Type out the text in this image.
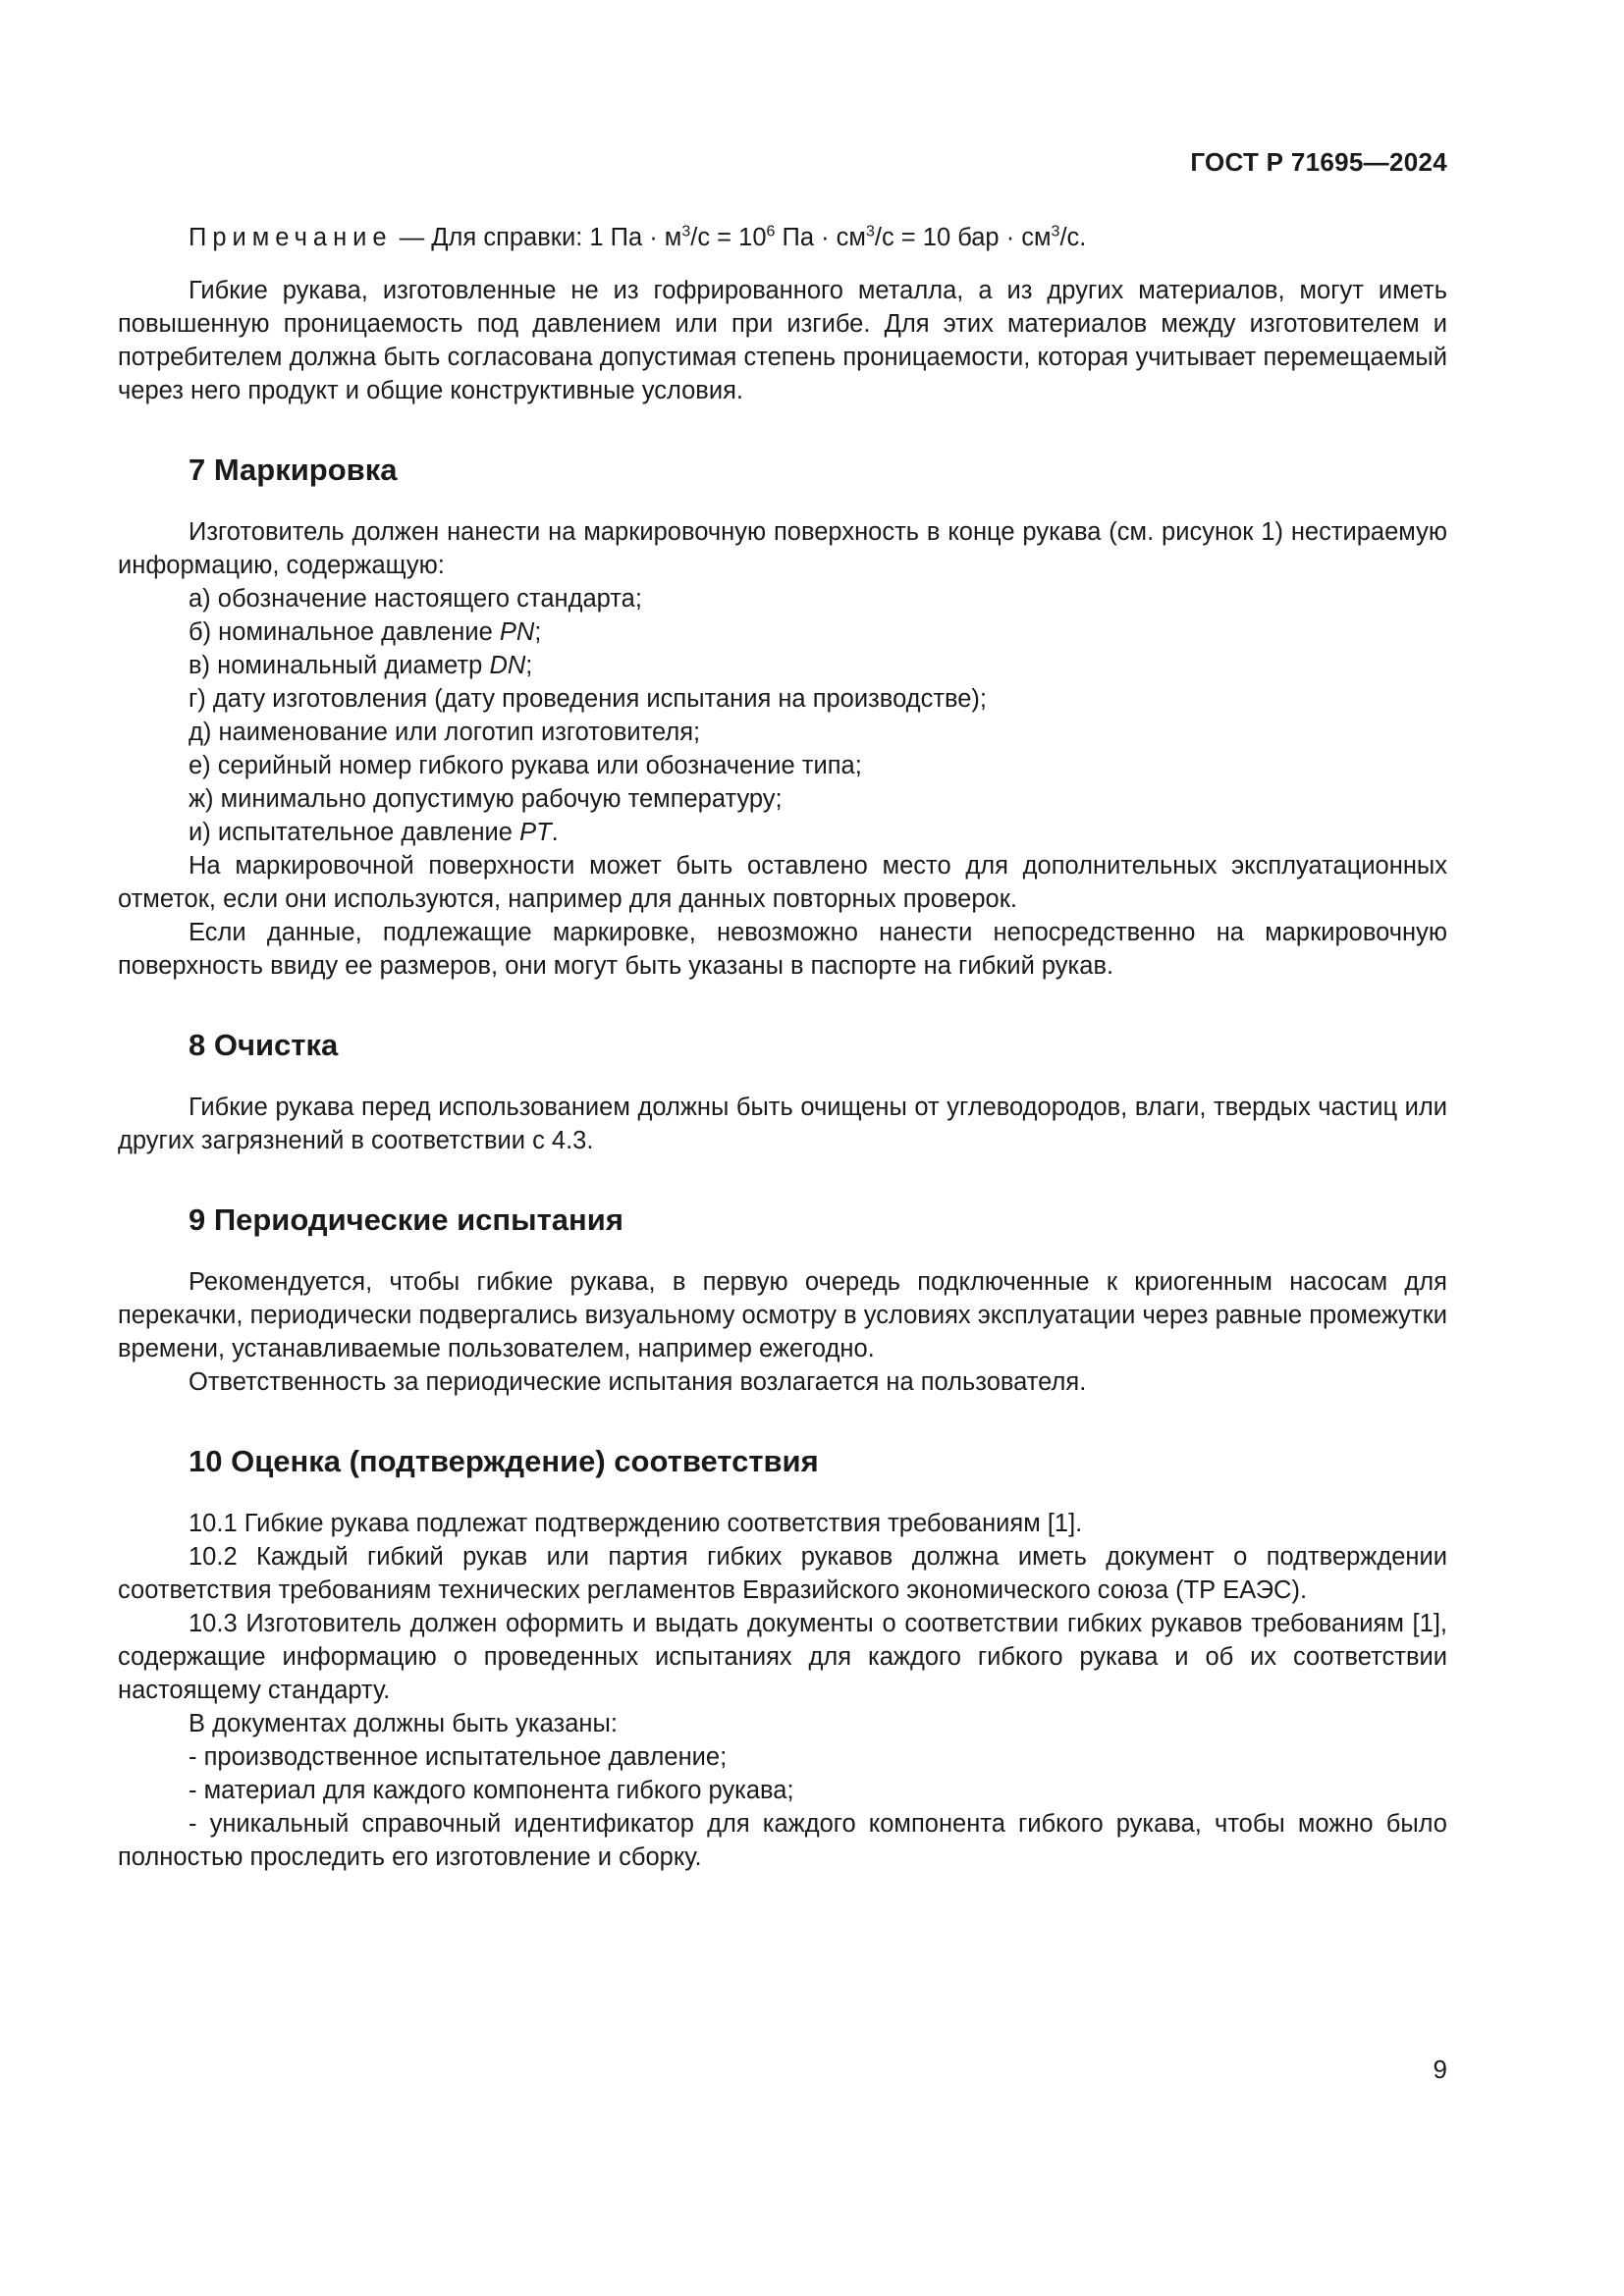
ГОСТ Р 71695—2024

Примечание — Для справки: 1 Па · $м^3/с = 10^6$ Па · $см^3/с = 10$ бар · $см^3/с$.

Гибкие рукава, изготовленные не из гофрированного металла, а из других материалов, могут иметь повышенную проницаемость под давлением или при изгибе. Для этих материалов между изготовителем и потребителем должна быть согласована допустимая степень проницаемости, которая учитывает перемещаемый через него продукт и общие конструктивные условия.

7 Маркировка

Изготовитель должен нанести на маркировочную поверхность в конце рукава (см. рисунок 1) нестираемую информацию, содержащую:

а) обозначение настоящего стандарта;
б) номинальное давление PN;
в) номинальный диаметр DN;
г) дату изготовления (дату проведения испытания на производстве);
д) наименование или логотип изготовителя;
е) серийный номер гибкого рукава или обозначение типа;
ж) минимально допустимую рабочую температуру;
и) испытательное давление PT.

На маркировочной поверхности может быть оставлено место для дополнительных эксплуатационных отметок, если они используются, например для данных повторных проверок.

Если данные, подлежащие маркировке, невозможно нанести непосредственно на маркировочную поверхность ввиду ее размеров, они могут быть указаны в паспорте на гибкий рукав.

8 Очистка

Гибкие рукава перед использованием должны быть очищены от углеводородов, влаги, твердых частиц или других загрязнений в соответствии с 4.3.

9 Периодические испытания

Рекомендуется, чтобы гибкие рукава, в первую очередь подключенные к криогенным насосам для перекачки, периодически подвергались визуальному осмотру в условиях эксплуатации через равные промежутки времени, устанавливаемые пользователем, например ежегодно.

Ответственность за периодические испытания возлагается на пользователя.

10 Оценка (подтверждение) соответствия

10.1 Гибкие рукава подлежат подтверждению соответствия требованиям [1].

10.2 Каждый гибкий рукав или партия гибких рукавов должна иметь документ о подтверждении соответствия требованиям технических регламентов Евразийского экономического союза (ТР ЕАЭС).

10.3 Изготовитель должен оформить и выдать документы о соответствии гибких рукавов требованиям [1], содержащие информацию о проведенных испытаниях для каждого гибкого рукава и об их соответствии настоящему стандарту.

В документах должны быть указаны:

- производственное испытательное давление;

- материал для каждого компонента гибкого рукава;

- уникальный справочный идентификатор для каждого компонента гибкого рукава, чтобы можно было полностью проследить его изготовление и сборку.

9
